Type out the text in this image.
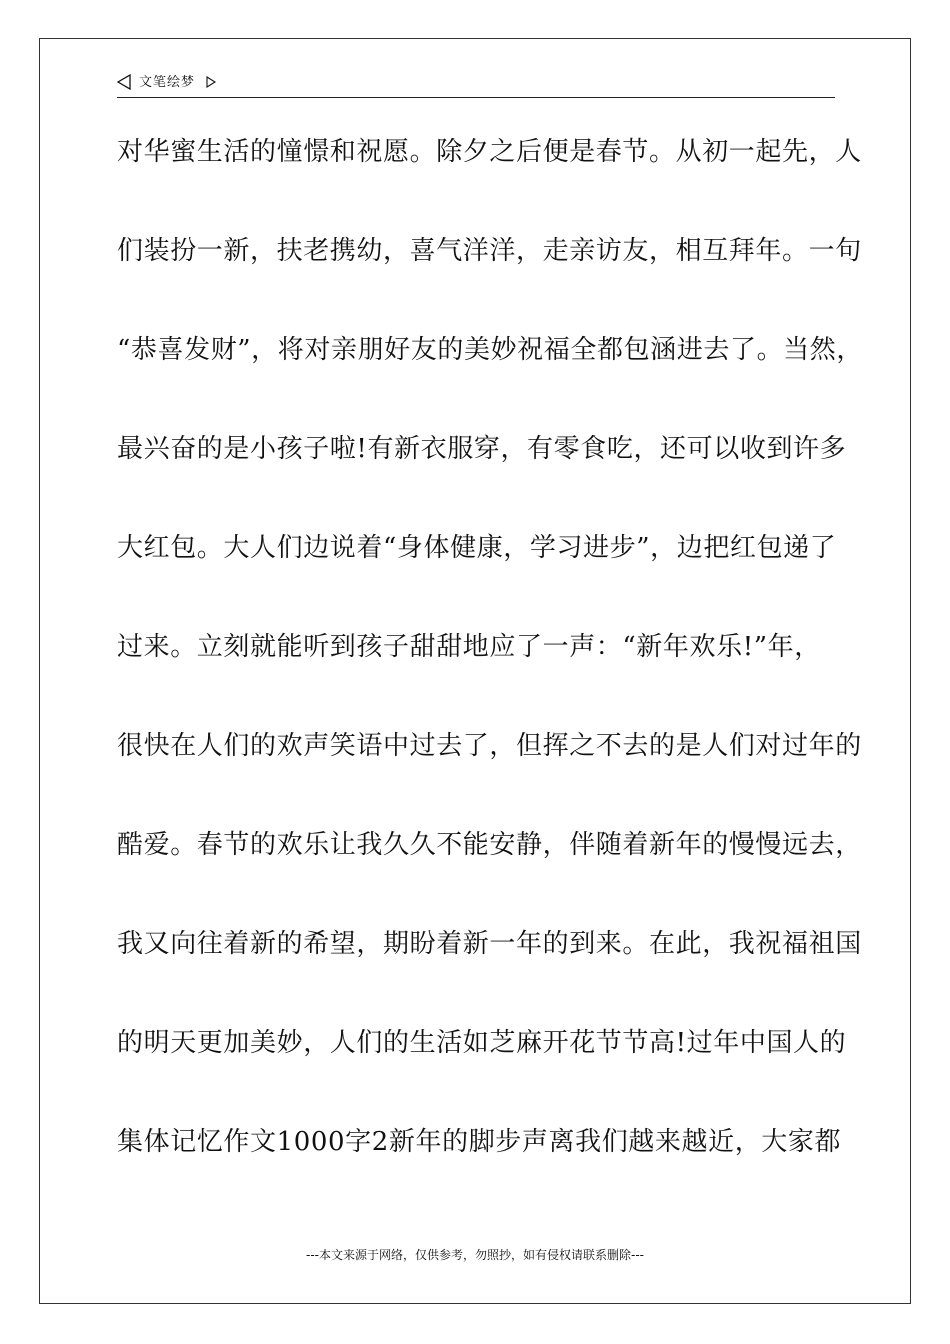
文笔绘梦
对华蜜生活的憧憬和祝愿。除夕之后便是春节。从初一起先，人
们装扮一新，扶老携幼，喜气洋洋，走亲访友，相互拜年。一句
“恭喜发财”，将对亲朋好友的美妙祝福全都包涵进去了。当然，
最兴奋的是小孩子啦!有新衣服穿，有零食吃，还可以收到许多
大红包。大人们边说着“身体健康，学习进步”，边把红包递了
过来。立刻就能听到孩子甜甜地应了一声：“新年欢乐!”年，
很快在人们的欢声笑语中过去了，但挥之不去的是人们对过年的
酷爱。春节的欢乐让我久久不能安静，伴随着新年的慢慢远去，
我又向往着新的希望，期盼着新一年的到来。在此，我祝福祖国
的明天更加美妙，人们的生活如芝麻开花节节高!过年中国人的
集体记忆作文1000字2新年的脚步声离我们越来越近，大家都
---本文来源于网络，仅供参考，勿照抄，如有侵权请联系删除---
